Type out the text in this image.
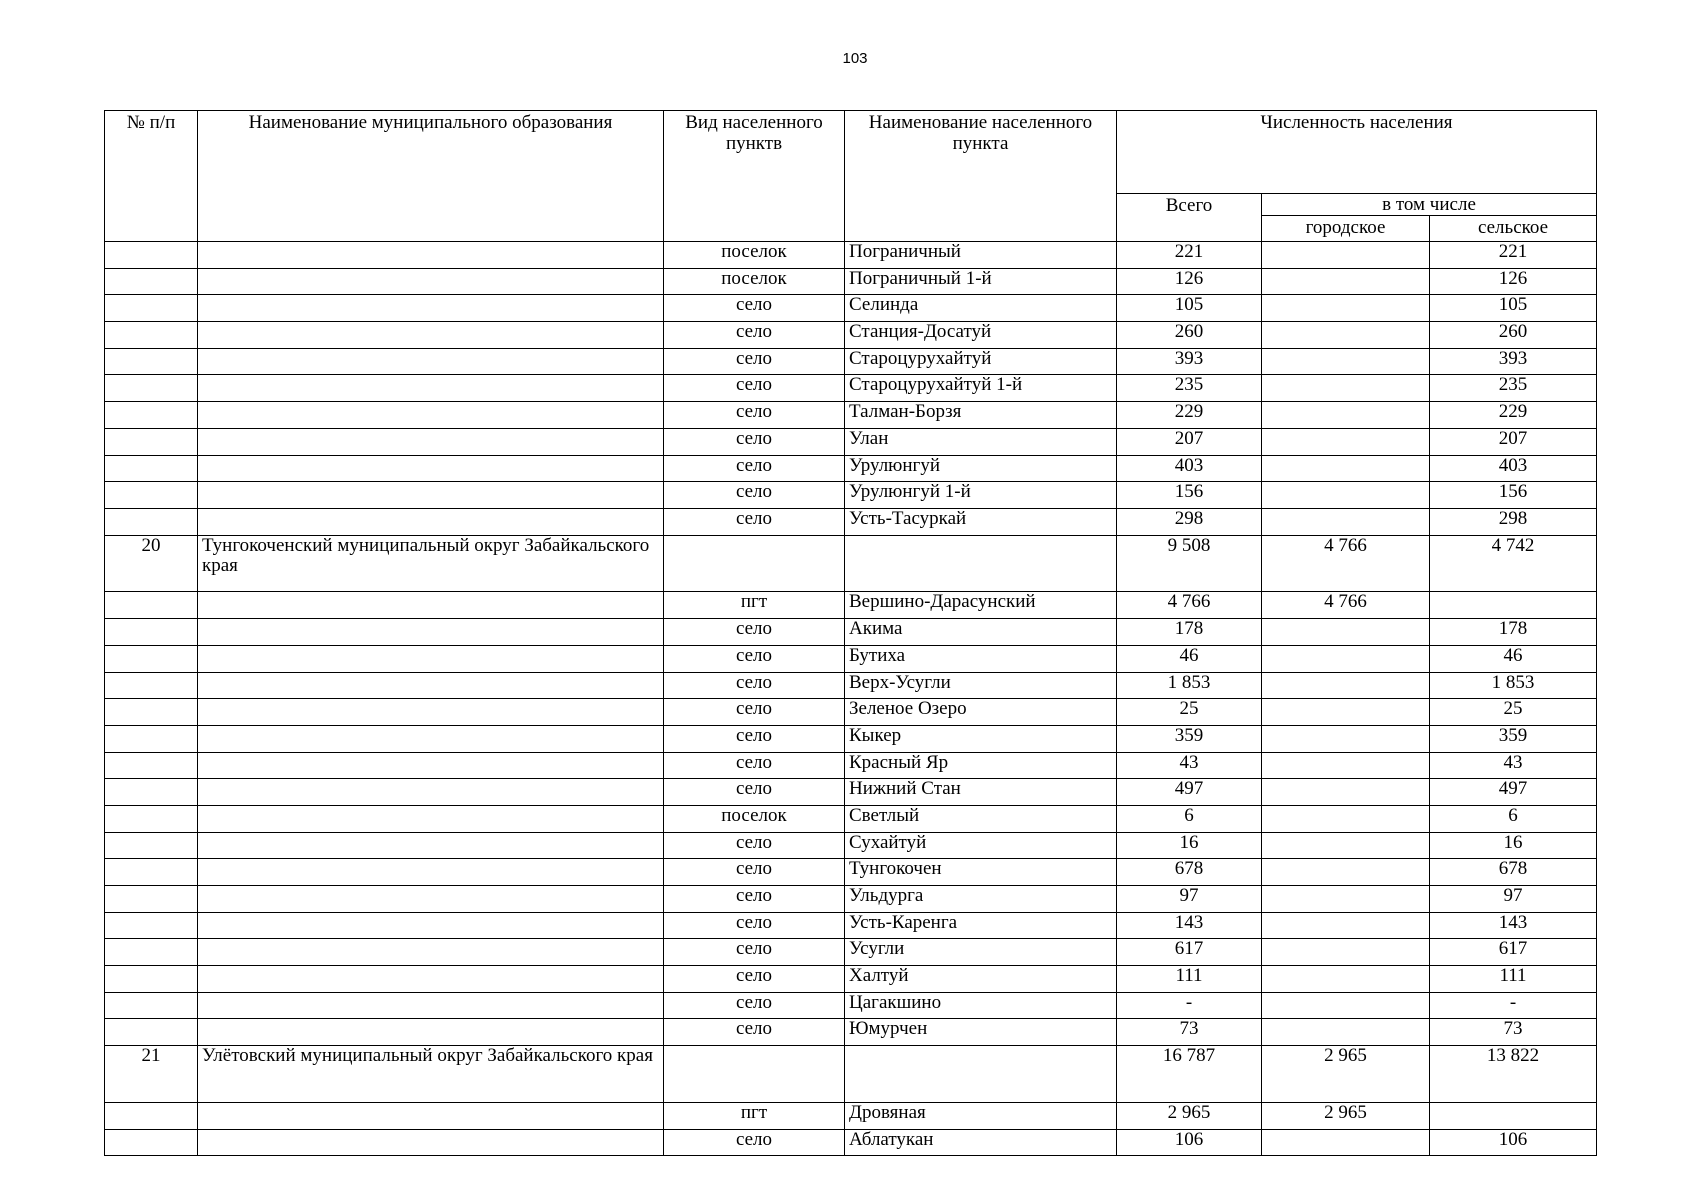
103
№ п/п	Наименование муниципального образования	Вид населенного пунктв	Наименование населенного пункта	Численность населения		
				Всего	в том числе	

					городское	сельское
		поселок	Пограничный	221		221
		поселок	Пограничный 1-й	126		126
		село	Селинда	105		105
		село	Станция-Досатуй	260		260
		село	Староцурухайтуй	393		393
		село	Староцурухайтуй 1-й	235		235
		село	Талман-Борзя	229		229
		село	Улан	207		207
		село	Урулюнгуй	403		403
		село	Урулюнгуй 1-й	156		156
		село	Усть-Тасуркай	298		298
20	Тунгокоченский муниципальный округ Забайкальского края			9 508	4 766	4 742
		пгт	Вершино-Дарасунский	4 766	4 766	
		село	Акима	178		178
		село	Бутиха	46		46
		село	Верх-Усугли	1 853		1 853
		село	Зеленое Озеро	25		25
		село	Кыкер	359		359
		село	Красный Яр	43		43
		село	Нижний Стан	497		497
		поселок	Светлый	6		6
		село	Сухайтуй	16		16
		село	Тунгокочен	678		678
		село	Ульдурга	97		97
		село	Усть-Каренга	143		143
		село	Усугли	617		617
		село	Халтуй	111		111
		село	Цагакшино	-		-
		село	Юмурчен	73		73
21	Улётовский муниципальный округ Забайкальского края			16 787	2 965	13 822
		пгт	Дровяная	2 965	2 965	
		село	Аблатукан	106		106
